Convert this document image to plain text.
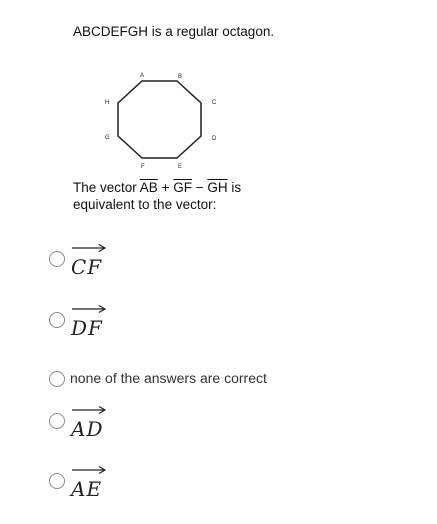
ABCDEFGH is a regular octagon.
A	B
C
D
E
F
G
H
The vector $\overline{AB} + \overline{GF} - \overline{GH}$ is equivalent to the vector:
CF
DF
none of the answers are correct
AD
AE
